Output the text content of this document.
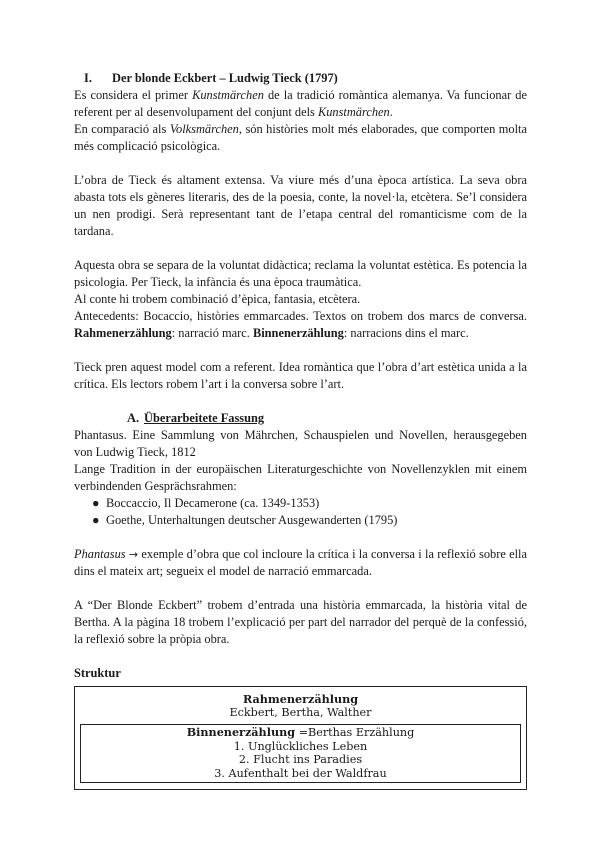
I. Der blonde Eckbert – Ludwig Tieck (1797)

Es considera el primer Kunstmärchen de la tradició romàntica alemanya. Va funcionar de referent per al desenvolupament del conjunt dels Kunstmärchen.

En comparació als Volksmärchen, són històries molt més elaborades, que comporten molta més complicació psicològica.

L’obra de Tieck és altament extensa. Va viure més d’una època artística. La seva obra abasta tots els gèneres literaris, des de la poesia, conte, la novel·la, etcètera. Se’l considera un nen prodigi. Serà representant tant de l’etapa central del romanticisme com de la tardana.

Aquesta obra se separa de la voluntat didàctica; reclama la voluntat estètica. Es potencia la psicologia. Per Tieck, la infància és una època traumàtica.

Al conte hi trobem combinació d’èpica, fantasia, etcètera.

Antecedents: Bocaccio, històries emmarcades. Textos on trobem dos marcs de conversa. Rahmenerzählung: narració marc. Binnenerzählung: narracions dins el marc.

Tieck pren aquest model com a referent. Idea romàntica que l’obra d’art estètica unida a la crítica. Els lectors robem l’art i la conversa sobre l’art.

A. Überarbeitete Fassung

Phantasus. Eine Sammlung von Mährchen, Schauspielen und Novellen, herausgegeben von Ludwig Tieck, 1812

Lange Tradition in der europäischen Literaturgeschichte von Novellenzyklen mit einem verbindenden Gesprächsrahmen:

● Boccaccio, Il Decamerone (ca. 1349-1353)
● Goethe, Unterhaltungen deutscher Ausgewanderten (1795)

Phantasus → exemple d’obra que col incloure la crítica i la conversa i la reflexió sobre ella dins el mateix art; segueix el model de narració emmarcada.

A “Der Blonde Eckbert” trobem d’entrada una història emmarcada, la història vital de Bertha. A la pàgina 18 trobem l’explicació per part del narrador del perquè de la confessió, la reflexió sobre la pròpia obra.

Struktur

Rahmenerzählung
Eckbert, Bertha, Walther
Binnenerzählung =Berthas Erzählung
1. Unglückliches Leben
2. Flucht ins Paradies
3. Aufenthalt bei der Waldfrau
